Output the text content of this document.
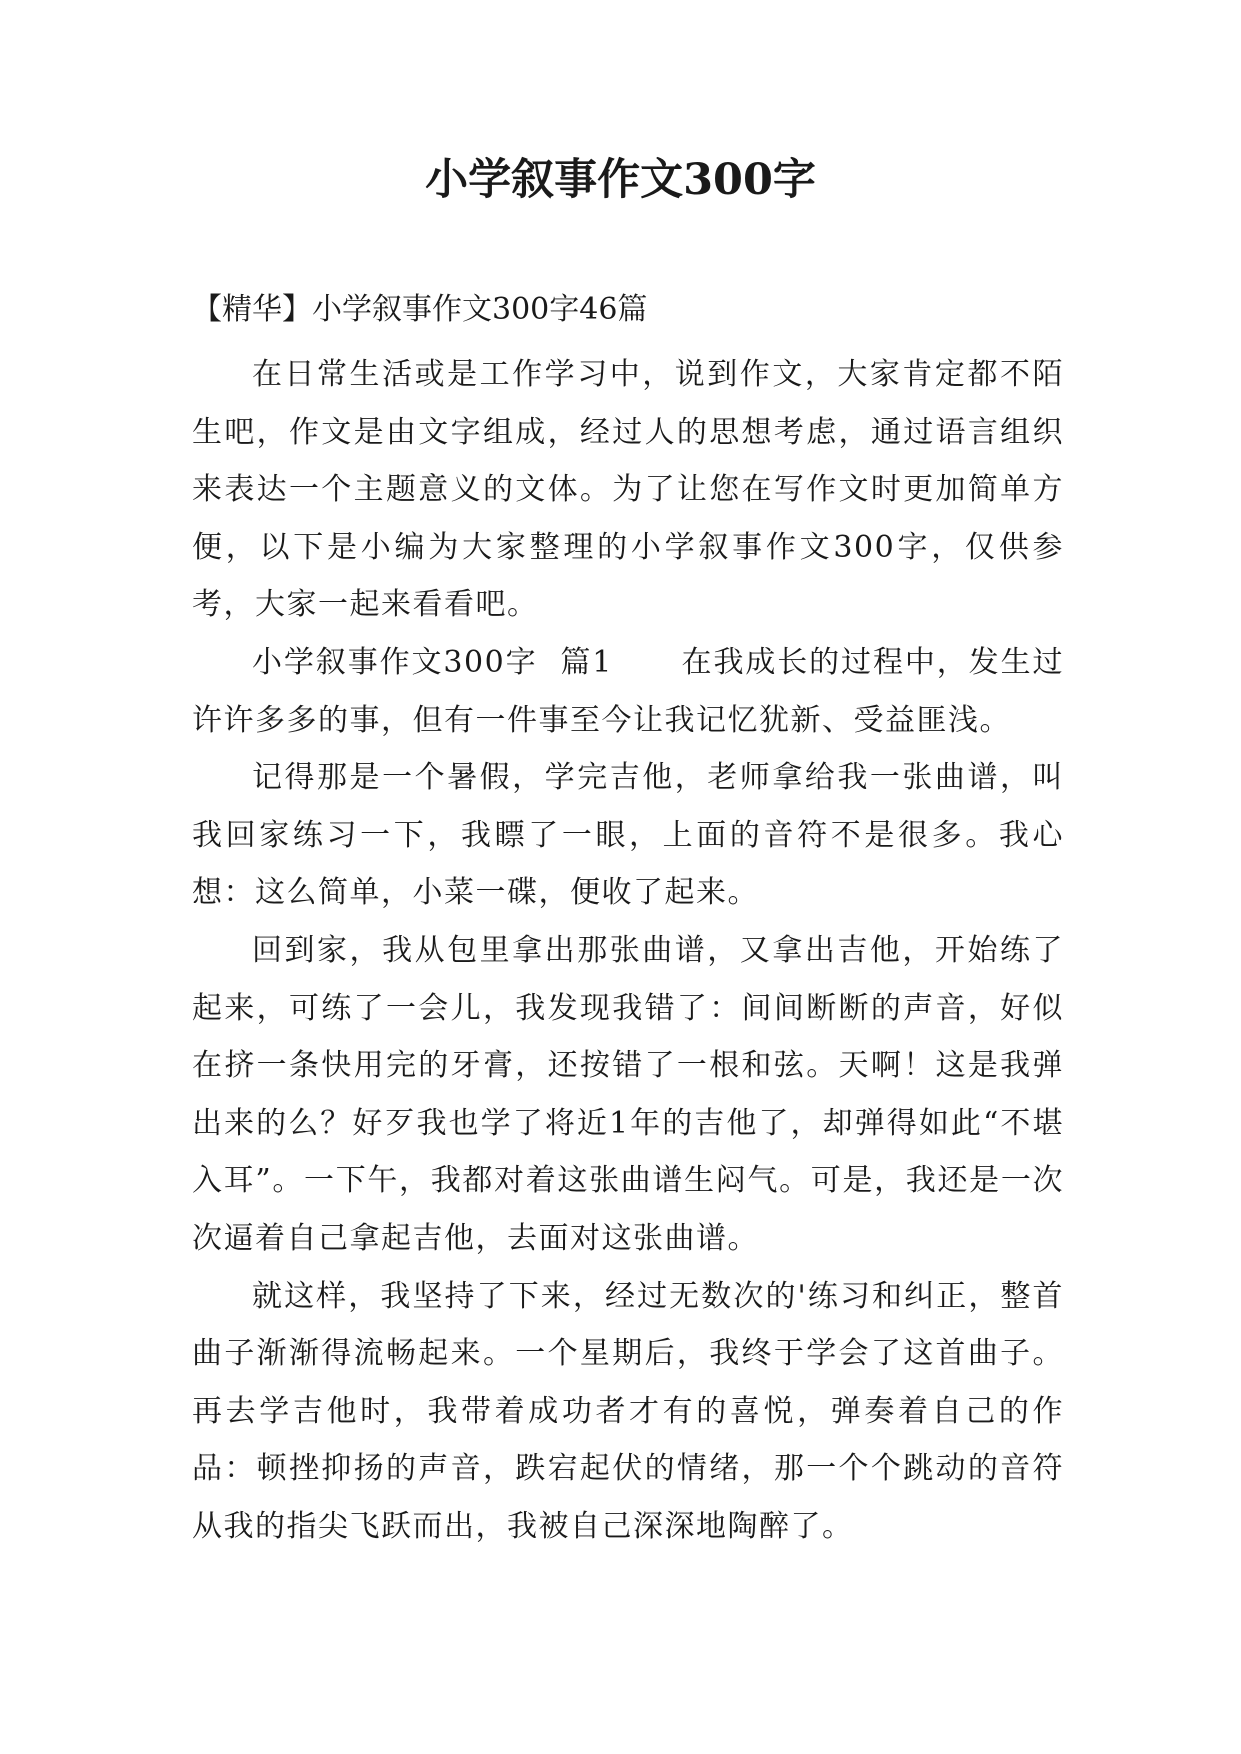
小学叙事作文300字

【精华】小学叙事作文300字46篇

在日常生活或是工作学习中，说到作文，大家肯定都不陌生吧，作文是由文字组成，经过人的思想考虑，通过语言组织来表达一个主题意义的文体。为了让您在写作文时更加简单方便，以下是小编为大家整理的小学叙事作文300字，仅供参考，大家一起来看看吧。

小学叙事作文300字  篇1      在我成长的过程中，发生过许许多多的事，但有一件事至今让我记忆犹新、受益匪浅。

记得那是一个暑假，学完吉他，老师拿给我一张曲谱，叫我回家练习一下，我瞟了一眼，上面的音符不是很多。我心想：这么简单，小菜一碟，便收了起来。

回到家，我从包里拿出那张曲谱，又拿出吉他，开始练了起来，可练了一会儿，我发现我错了：间间断断的声音，好似在挤一条快用完的牙膏，还按错了一根和弦。天啊！这是我弹出来的么？好歹我也学了将近1年的吉他了，却弹得如此“不堪入耳”。一下午，我都对着这张曲谱生闷气。可是，我还是一次次逼着自己拿起吉他，去面对这张曲谱。

就这样，我坚持了下来，经过无数次的'练习和纠正，整首曲子渐渐得流畅起来。一个星期后，我终于学会了这首曲子。再去学吉他时，我带着成功者才有的喜悦，弹奏着自己的作品：顿挫抑扬的声音，跌宕起伏的情绪，那一个个跳动的音符从我的指尖飞跃而出，我被自己深深地陶醉了。
